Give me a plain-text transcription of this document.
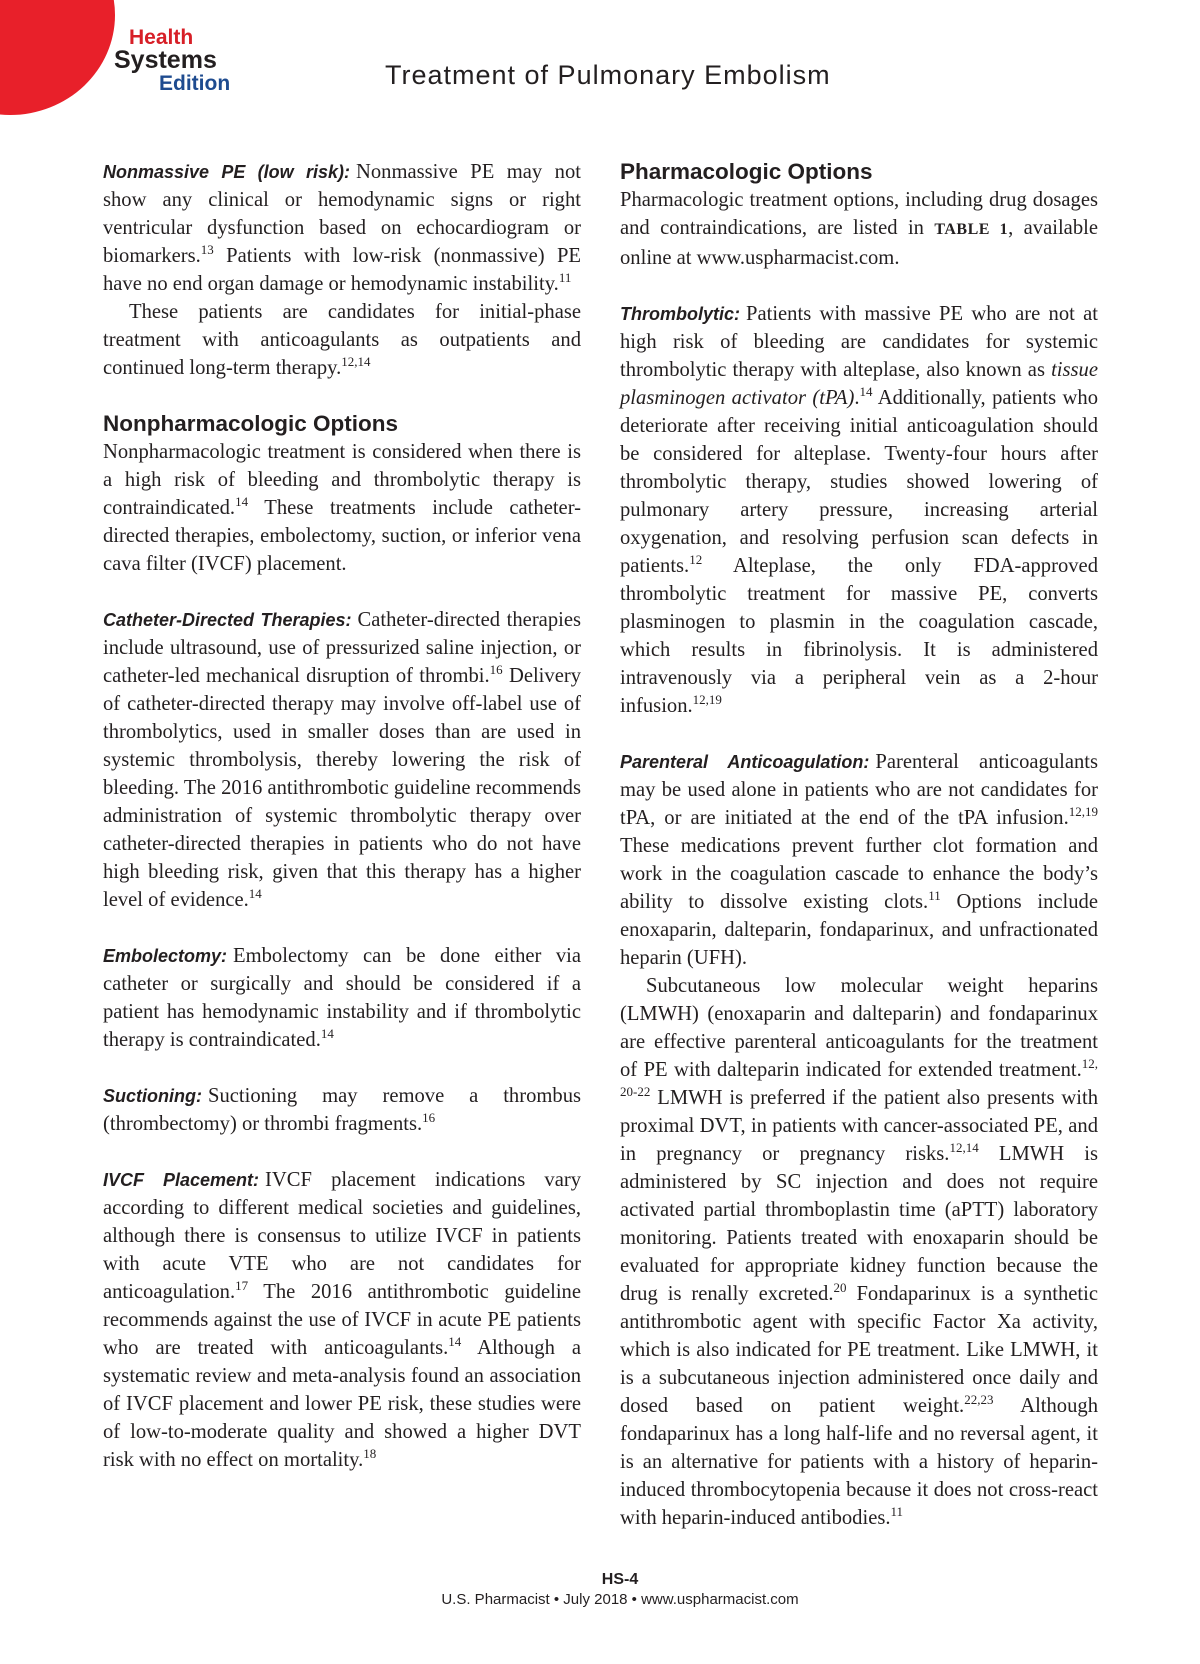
Health
Systems
Edition	Treatment of Pulmonary Embolism

Nonmassive PE (low risk): Nonmassive PE may not show any clinical or hemodynamic signs or right ventricular dysfunction based on echocardiogram or biomarkers.$^{13}$ Patients with low-risk (nonmassive) PE have no end organ damage or hemodynamic instability.$^{11}$

These patients are candidates for initial-phase treatment with anticoagulants as outpatients and continued long-term therapy.$^{12,14}$

Nonpharmacologic Options

Nonpharmacologic treatment is considered when there is a high risk of bleeding and thrombolytic therapy is contraindicated.$^{14}$ These treatments include catheter-directed therapies, embolectomy, suction, or inferior vena cava filter (IVCF) placement.

Catheter-Directed Therapies: Catheter-directed therapies include ultrasound, use of pressurized saline injection, or catheter-led mechanical disruption of thrombi.$^{16}$ Delivery of catheter-directed therapy may involve off-label use of thrombolytics, used in smaller doses than are used in systemic thrombolysis, thereby lowering the risk of bleeding. The 2016 antithrombotic guideline recommends administration of systemic thrombolytic therapy over catheter-directed therapies in patients who do not have high bleeding risk, given that this therapy has a higher level of evidence.$^{14}$

Embolectomy: Embolectomy can be done either via catheter or surgically and should be considered if a patient has hemodynamic instability and if thrombolytic therapy is contraindicated.$^{14}$

Suctioning: Suctioning may remove a thrombus (thrombectomy) or thrombi fragments.$^{16}$

IVCF Placement: IVCF placement indications vary according to different medical societies and guidelines, although there is consensus to utilize IVCF in patients with acute VTE who are not candidates for anticoagulation.$^{17}$ The 2016 antithrombotic guideline recommends against the use of IVCF in acute PE patients who are treated with anticoagulants.$^{14}$ Although a systematic review and meta-analysis found an association of IVCF placement and lower PE risk, these studies were of low-to-moderate quality and showed a higher DVT risk with no effect on mortality.$^{18}$

Pharmacologic Options

Pharmacologic treatment options, including drug dosages and contraindications, are listed in TABLE 1, available online at www.uspharmacist.com.

Thrombolytic: Patients with massive PE who are not at high risk of bleeding are candidates for systemic thrombolytic therapy with alteplase, also known as tissue plasminogen activator (tPA).$^{14}$ Additionally, patients who deteriorate after receiving initial anticoagulation should be considered for alteplase. Twenty-four hours after thrombolytic therapy, studies showed lowering of pulmonary artery pressure, increasing arterial oxygenation, and resolving perfusion scan defects in patients.$^{12}$ Alteplase, the only FDA-approved thrombolytic treatment for massive PE, converts plasminogen to plasmin in the coagulation cascade, which results in fibrinolysis. It is administered intravenously via a peripheral vein as a 2-hour infusion.$^{12,19}$

Parenteral Anticoagulation: Parenteral anticoagulants may be used alone in patients who are not candidates for tPA, or are initiated at the end of the tPA infusion.$^{12,19}$ These medications prevent further clot formation and work in the coagulation cascade to enhance the body’s ability to dissolve existing clots.$^{11}$ Options include enoxaparin, dalteparin, fondaparinux, and unfractionated heparin (UFH).

Subcutaneous low molecular weight heparins (LMWH) (enoxaparin and dalteparin) and fondaparinux are effective parenteral anticoagulants for the treatment of PE with dalteparin indicated for extended treatment.$^{12, 20-22}$ LMWH is preferred if the patient also presents with proximal DVT, in patients with cancer-associated PE, and in pregnancy or pregnancy risks.$^{12,14}$ LMWH is administered by SC injection and does not require activated partial thromboplastin time (aPTT) laboratory monitoring. Patients treated with enoxaparin should be evaluated for appropriate kidney function because the drug is renally excreted.$^{20}$ Fondaparinux is a synthetic antithrombotic agent with specific Factor Xa activity, which is also indicated for PE treatment. Like LMWH, it is a subcutaneous injection administered once daily and dosed based on patient weight.$^{22,23}$ Although fondaparinux has a long half-life and no reversal agent, it is an alternative for patients with a history of heparin-induced thrombocytopenia because it does not cross-react with heparin-induced antibodies.$^{11}$

HS-4
U.S. Pharmacist • July 2018 • www.uspharmacist.com
